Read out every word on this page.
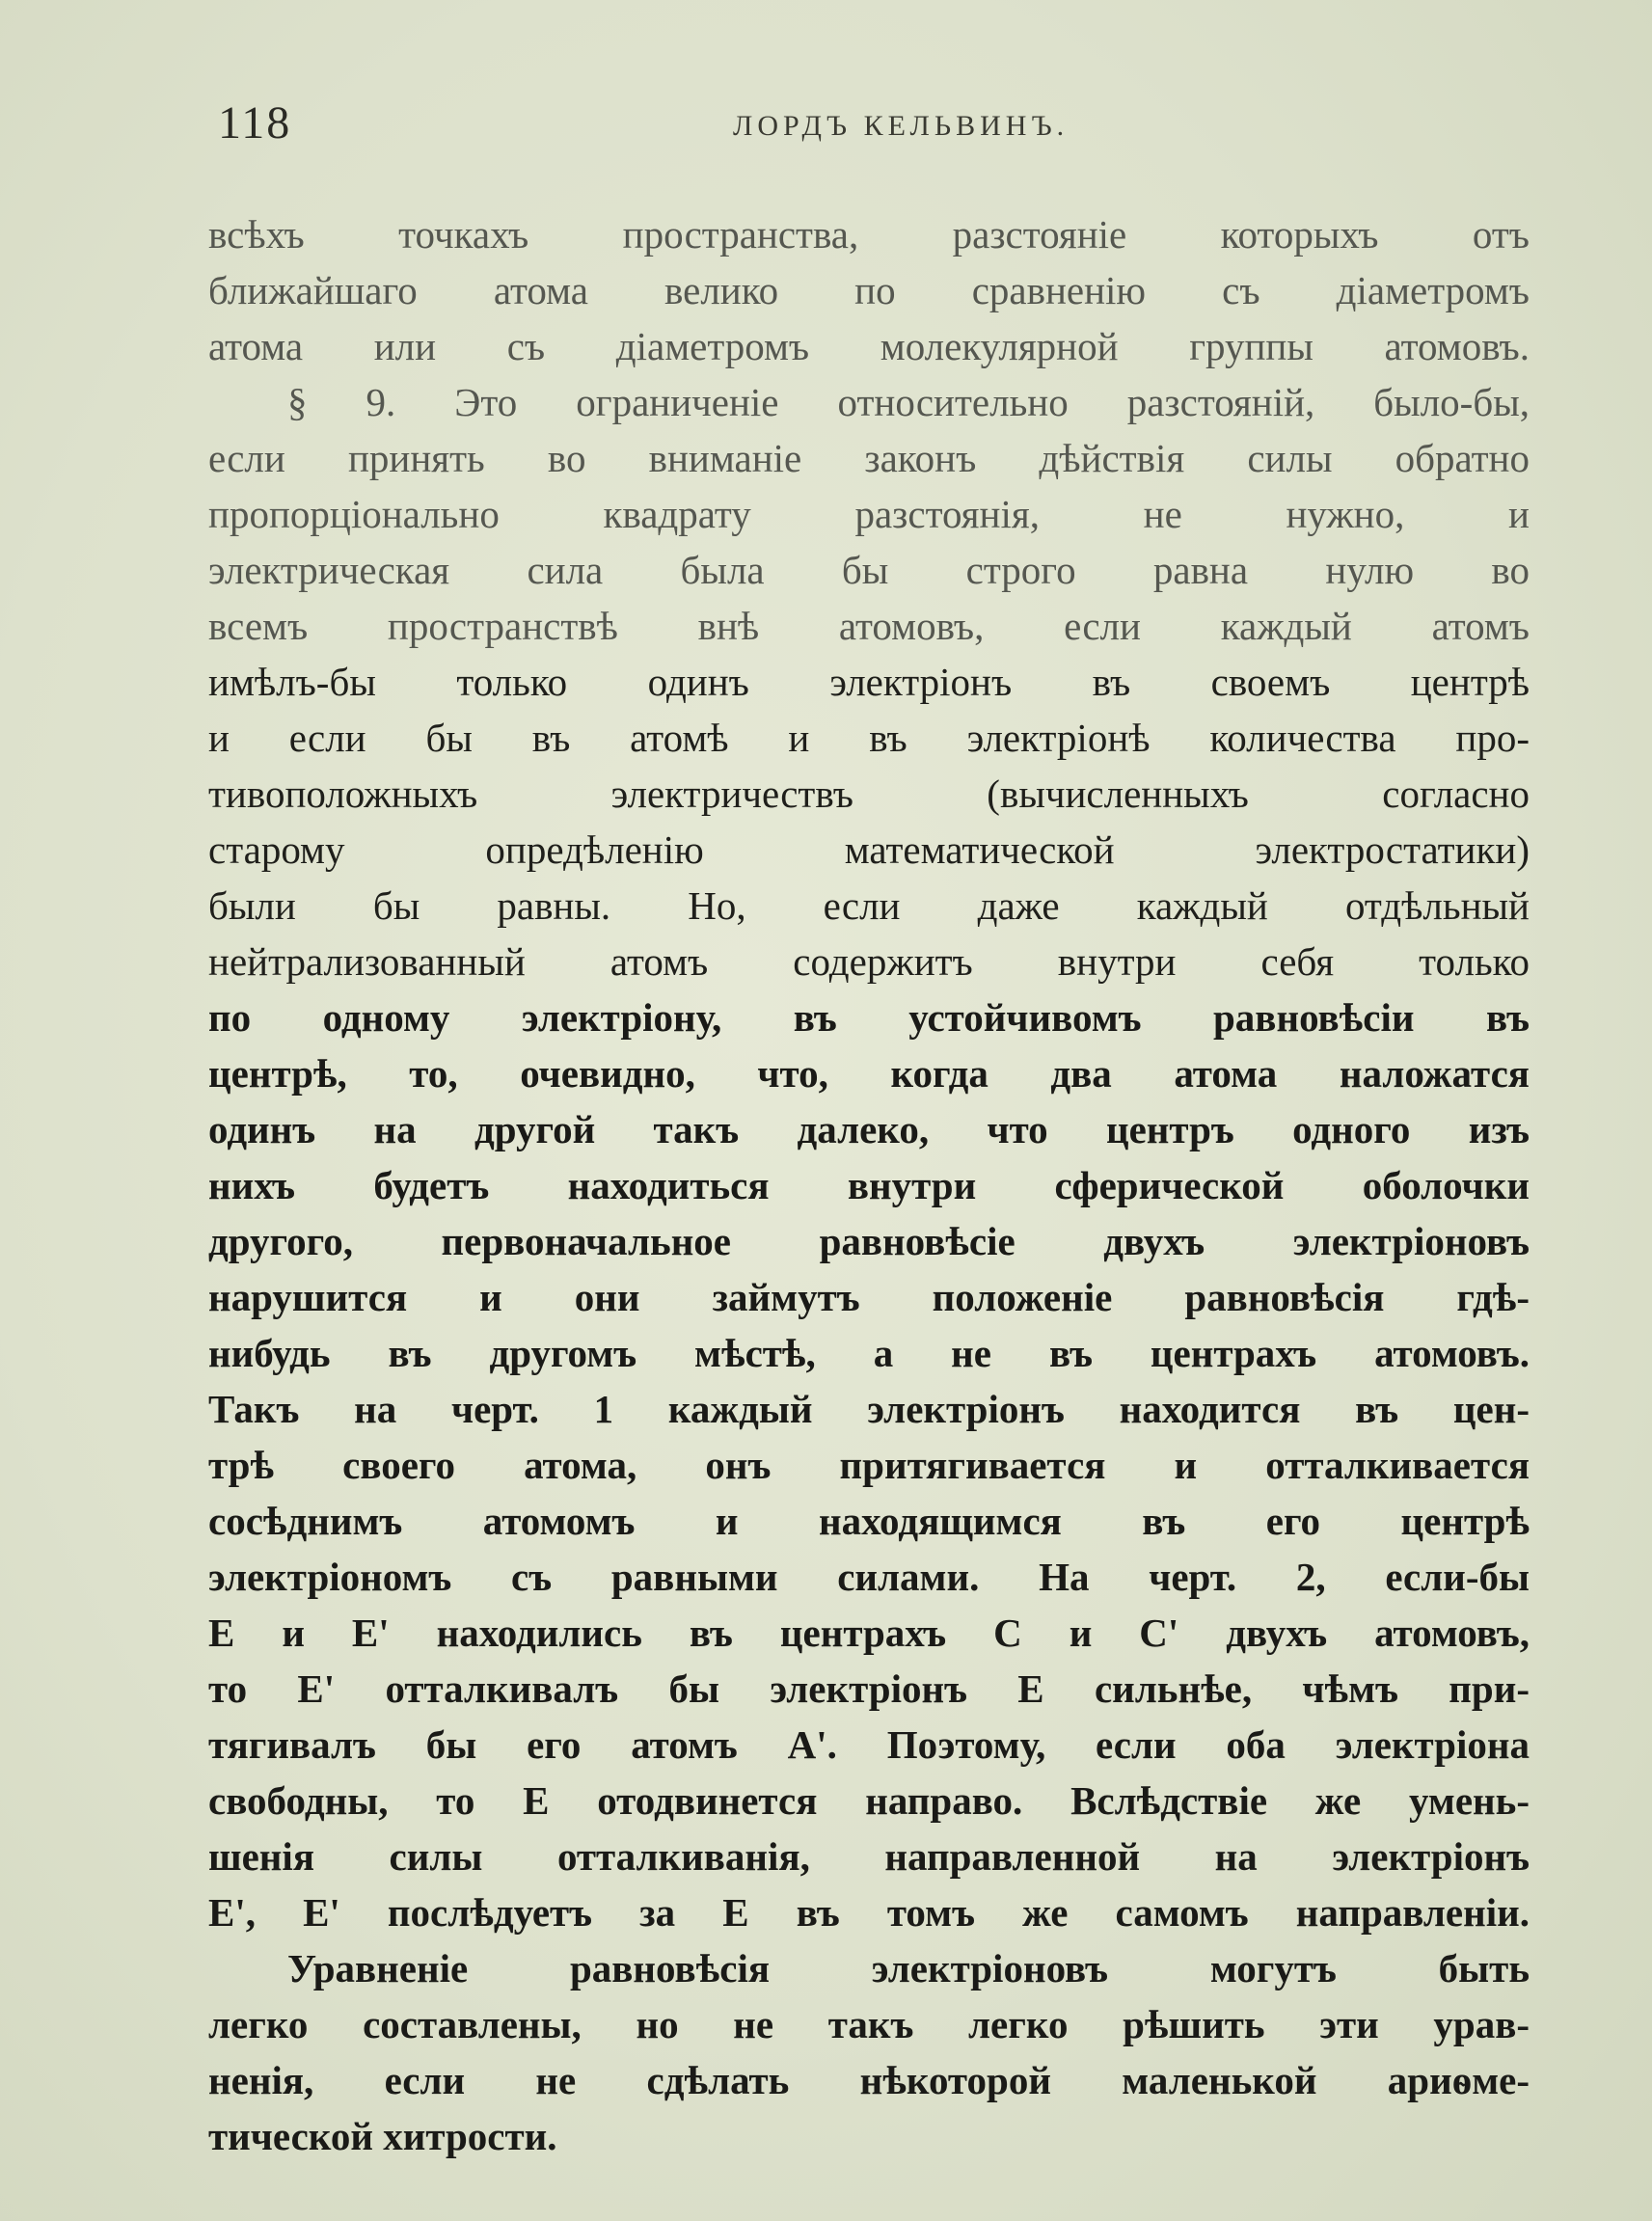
118	ЛОРДЪ КЕЛЬВИНЪ.
всѣхъ точкахъ пространства, разстояніе которыхъ отъ
ближайшаго атома велико по сравненію съ діаметромъ
атома или съ діаметромъ молекулярной группы атомовъ.
§ 9. Это ограниченіе относительно разстояній, было-бы,
если принять во вниманіе законъ дѣйствія силы обратно
пропорціонально квадрату разстоянія, не нужно, и
электрическая сила была бы строго равна нулю во
всемъ пространствѣ внѣ атомовъ, если каждый атомъ
имѣлъ-бы только одинъ электріонъ въ своемъ центрѣ
и если бы въ атомѣ и въ электріонѣ количества про-
тивоположныхъ электричествъ (вычисленныхъ согласно
старому опредѣленію математической электростатики)
были бы равны. Но, если даже каждый отдѣльный
нейтрализованный атомъ содержитъ внутри себя только
по одному электріону, въ устойчивомъ равновѣсіи въ
центрѣ, то, очевидно, что, когда два атома наложатся
одинъ на другой такъ далеко, что центръ одного изъ
нихъ будетъ находиться внутри сферической оболочки
другого, первоначальное равновѣсіе двухъ электріоновъ
нарушится и они займутъ положеніе равновѣсія гдѣ-
нибудь въ другомъ мѣстѣ, а не въ центрахъ атомовъ.
Такъ на черт. 1 каждый электріонъ находится въ цен-
трѣ своего атома, онъ притягивается и отталкивается
сосѣднимъ атомомъ и находящимся въ его центрѣ
электріономъ съ равными силами. На черт. 2, если-бы
E и E' находились въ центрахъ C и C' двухъ атомовъ,
то E' отталкивалъ бы электріонъ E сильнѣе, чѣмъ при-
тягивалъ бы его атомъ A'. Поэтому, если оба электріона
свободны, то E отодвинется направо. Вслѣдствіе же умень-
шенія силы отталкиванія, направленной на электріонъ
E', E' послѣдуетъ за E въ томъ же самомъ направленіи.
Уравненіе равновѣсія электріоновъ могутъ быть
легко составлены, но не такъ легко рѣшить эти урав-
ненія, если не сдѣлать нѣкоторой маленькой ариѳме-
тической хитрости.
